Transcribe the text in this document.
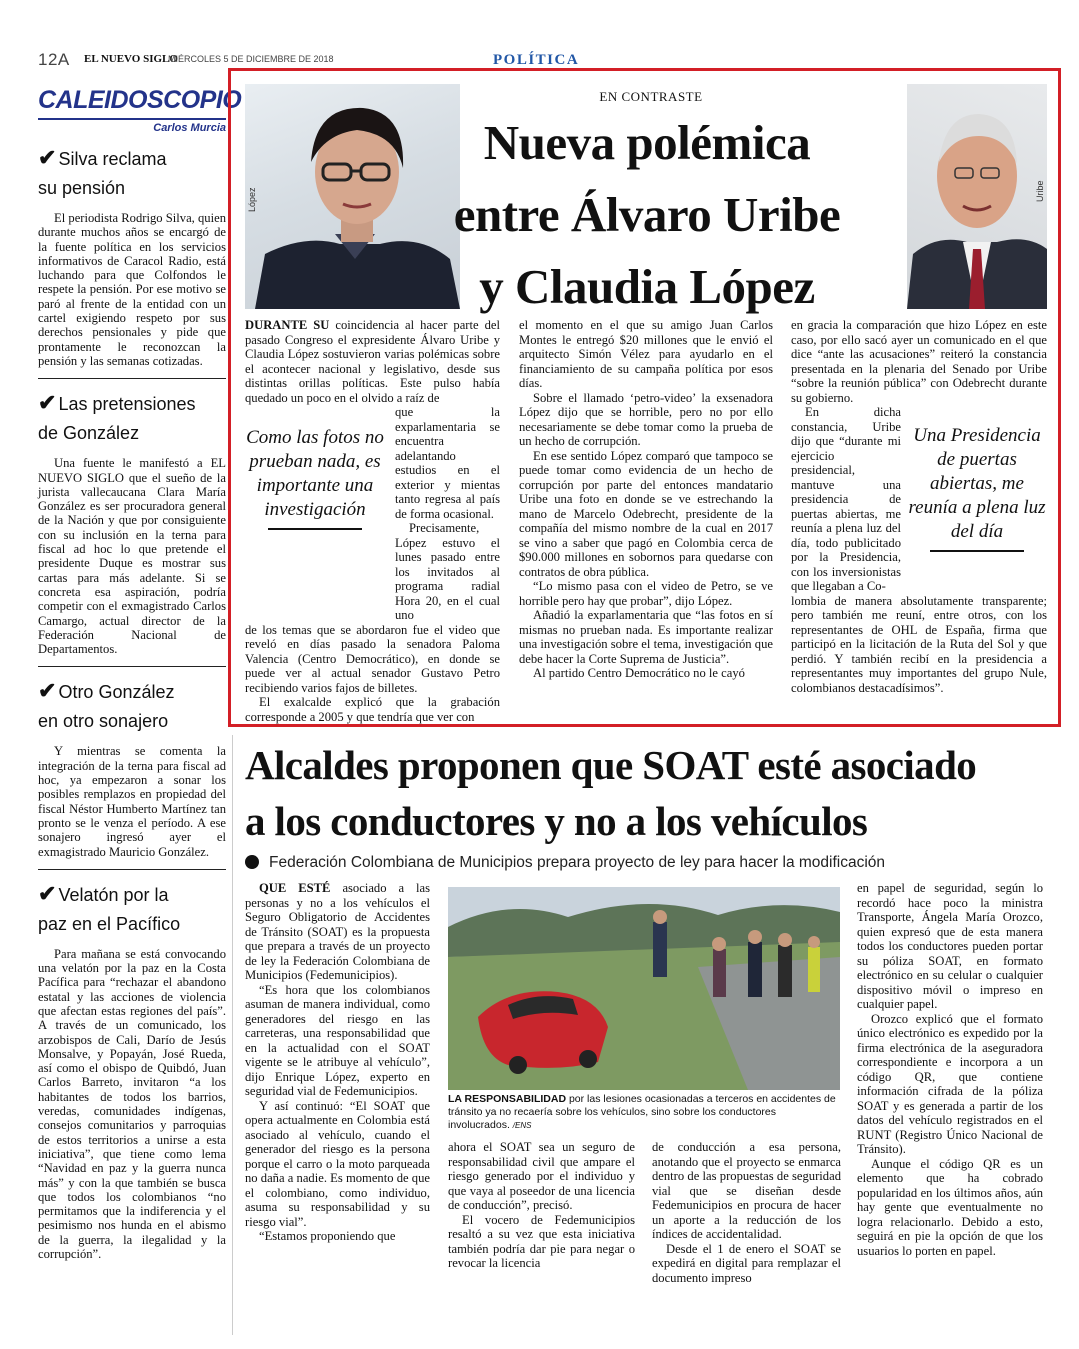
12A EL NUEVO SIGLO
MIÉRCOLES 5 DE DICIEMBRE DE 2018	POLÍTICA
CALEIDOSCOPIO
Carlos Murcia
✔ Silva reclama
su pensión

El periodista Rodrigo Silva, quien durante muchos años se encargó de la fuente política en los servicios informativos de Caracol Radio, está luchando para que Colfondos le respete la pensión. Por ese motivo se paró al frente de la entidad con un cartel exigiendo respeto por sus derechos pensionales y pide que prontamente le reconozcan la pensión y las semanas cotizadas.

✔ Las pretensiones
de González

Una fuente le manifestó a EL NUEVO SIGLO que el sueño de la jurista vallecaucana Clara María González es ser procuradora general de la Nación y que por consiguiente con su inclusión en la terna para fiscal ad hoc lo que pretende el presidente Duque es mostrar sus cartas para más adelante. Si se concreta esa aspiración, podría competir con el exmagistrado Carlos Camargo, actual director de la Federación Nacional de Departamentos.

✔ Otro González
en otro sonajero

Y mientras se comenta la integración de la terna para fiscal ad hoc, ya empezaron a sonar los posibles remplazos en propiedad del fiscal Néstor Humberto Martínez tan pronto se le venza el período. A ese sonajero ingresó ayer el exmagistrado Mauricio González.

✔ Velatón por la
paz en el Pacífico

Para mañana se está convocando una velatón por la paz en la Costa Pacífica para “rechazar el abandono estatal y las acciones de violencia que afectan estas regiones del país”. A través de un comunicado, los arzobispos de Cali, Darío de Jesús Monsalve, y Popayán, José Rueda, así como el obispo de Quibdó, Juan Carlos Barreto, invitaron “a los habitantes de todos los barrios, veredas, comunidades indígenas, consejos comunitarios y parroquias de estos territorios a unirse a esta iniciativa”, que tiene como lema “Navidad en paz y la guerra nunca más” y con la que también se busca que todos los colombianos “no permitamos que la indiferencia y el pesimismo nos hunda en el abismo de la guerra, la ilegalidad y la corrupción”.

López	Uribe
EN CONTRASTE
Nueva polémica
entre Álvaro Uribe
y Claudia López

DURANTE SU coincidencia al hacer parte del pasado Congreso el expresidente Álvaro Uribe y Claudia López sostuvieron varias polémicas sobre el acontecer nacional y legislativo, desde sus distintas orillas políticas. Este pulso había quedado un poco en el olvido a raíz de

que la exparlamentaria se encuentra adelantando estudios en el exterior y mientas tanto regresa al país de forma ocasional.

Precisamente, López estuvo el lunes pasado entre los invitados al programa radial Hora 20, en el cual uno

de los temas que se abordaron fue el video que reveló en días pasado la senadora Paloma Valencia (Centro Democrático), en donde se puede ver al actual senador Gustavo Petro recibiendo varios fajos de billetes.

El exalcalde explicó que la grabación corresponde a 2005 y que tendría que ver con

Como las fotos no prueban nada, es importante una investigación

el momento en el que su amigo Juan Carlos Montes le entregó $20 millones que le envió el arquitecto Simón Vélez para ayudarlo en el financiamiento de su campaña política por esos días.

Sobre el llamado ‘petro-video’ la exsenadora López dijo que se horrible, pero no por ello necesariamente se debe tomar como la prueba de un hecho de corrupción.

En ese sentido López comparó que tampoco se puede tomar como evidencia de un hecho de corrupción por parte del entonces mandatario Uribe una foto en donde se ve estrechando la mano de Marcelo Odebrecht, presidente de la compañía del mismo nombre de la cual en 2017 se vino a saber que pagó en Colombia cerca de $90.000 millones en sobornos para quedarse con contratos de obra pública.

“Lo mismo pasa con el video de Petro, se ve horrible pero hay que probar”, dijo López.

Añadió la exparlamentaria que “las fotos en sí mismas no prueban nada. Es importante realizar una investigación sobre el tema, investigación que debe hacer la Corte Suprema de Justicia”.

Al partido Centro Democrático no le cayó

en gracia la comparación que hizo López en este caso, por ello sacó ayer un comunicado en el que dice “ante las acusaciones” reiteró la constancia presentada en la plenaria del Senado por Uribe “sobre la reunión pública” con Odebrecht durante su gobierno.

En dicha constancia, Uribe dijo que “durante mi ejercicio presidencial, mantuve una presidencia de puertas abiertas, me reunía a plena luz del día, todo publicitado por la Presidencia, con los inversionistas que llegaban a Co-

lombia de manera absolutamente transparente; pero también me reuní, entre otros, con los representantes de OHL de España, firma que participó en la licitación de la Ruta del Sol y que perdió. Y también recibí en la presidencia a representantes muy importantes del grupo Nule, colombianos destacadísimos”.

Una Presidencia de puertas abiertas, me reunía a plena luz del día
Alcaldes proponen que SOAT esté asociado
a los conductores y no a los vehículos
Federación Colombiana de Municipios prepara proyecto de ley para hacer la modificación

QUE ESTÉ asociado a las personas y no a los vehículos el Seguro Obligatorio de Accidentes de Tránsito (SOAT) es la propuesta que prepara a través de un proyecto de ley la Federación Colombiana de Municipios (Fedemunicipios).

“Es hora que los colombianos asuman de manera individual, como generadores del riesgo en las carreteras, una responsabilidad que en la actualidad con el SOAT vigente se le atribuye al vehículo”, dijo Enrique López, experto en seguridad vial de Fedemunicipios.

Y así continuó: “El SOAT que opera actualmente en Colombia está asociado al vehículo, cuando el generador del riesgo es la persona porque el carro o la moto parqueada no daña a nadie. Es momento de que el colombiano, como individuo, asuma su responsabilidad y su riesgo vial”.

“Estamos proponiendo que

LA RESPONSABILIDAD por las lesiones ocasionadas a terceros en accidentes de tránsito ya no recaería sobre los vehículos, sino sobre los conductores involucrados. /ENS

ahora el SOAT sea un seguro de responsabilidad civil que ampare el riesgo generado por el individuo y que vaya al poseedor de una licencia de conducción”, precisó.

El vocero de Fedemunicipios resaltó a su vez que esta iniciativa también podría dar pie para negar o revocar la licencia

de conducción a esa persona, anotando que el proyecto se enmarca dentro de las propuestas de seguridad vial que se diseñan desde Fedemunicipios en procura de hacer un aporte a la reducción de los índices de accidentalidad.

Desde el 1 de enero el SOAT se expedirá en digital para remplazar el documento impreso

en papel de seguridad, según lo recordó hace poco la ministra Transporte, Ángela María Orozco, quien expresó que de esta manera todos los conductores pueden portar su póliza SOAT, en formato electrónico en su celular o cualquier dispositivo móvil o impreso en cualquier papel.

Orozco explicó que el formato único electrónico es expedido por la firma electrónica de la aseguradora correspondiente e incorpora a un código QR, que contiene información cifrada de la póliza SOAT y es generada a partir de los datos del vehículo registrados en el RUNT (Registro Único Nacional de Tránsito).

Aunque el código QR es un elemento que ha cobrado popularidad en los últimos años, aún hay gente que eventualmente no logra relacionarlo. Debido a esto, seguirá en pie la opción de que los usuarios lo porten en papel.
